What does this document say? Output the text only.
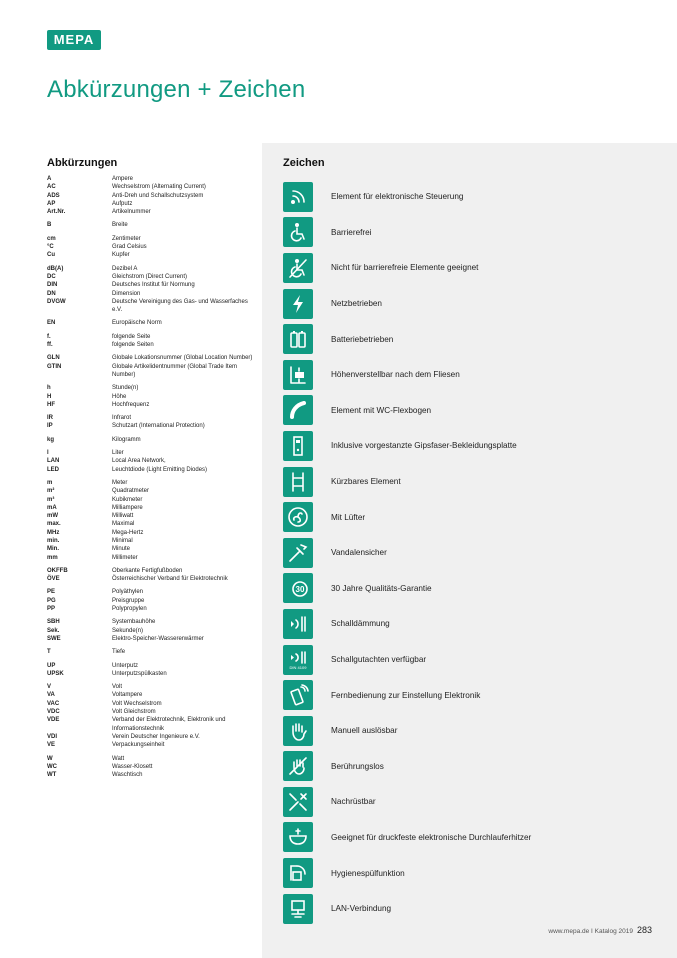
MEPA
Abkürzungen + Zeichen
Abkürzungen
A	Ampere
AC	Wechselstrom (Alternating Current)
ADS	Anti-Dreh und Schallschutzsystem
AP	Aufputz
Art.Nr.	Artikelnummer
B	Breite
cm	Zentimeter
°C	Grad Celsius
Cu	Kupfer
dB(A)	Dezibel A
DC	Gleichstrom (Direct Current)
DIN	Deutsches Institut für Normung
DN	Dimension
DVGW	Deutsche Vereinigung des Gas- und Wasserfaches e.V.
EN	Europäische Norm
f.	folgende Seite
ff.	folgende Seiten
GLN	Globale Lokationsnummer (Global Location Number)
GTIN	Globale Artikelidentnummer (Global Trade Item Number)
h	Stunde(n)
H	Höhe
HF	Hochfrequenz
IR	Infrarot
IP	Schutzart (International Protection)
kg	Kilogramm
l	Liter
LAN	Local Area Network,
LED	Leuchtdiode (Light Emitting Diodes)
m	Meter
m²	Quadratmeter
m³	Kubikmeter
mA	Milliampere
mW	Milliwatt
max.	Maximal
MHz	Mega-Hertz
min.	Minimal
Min.	Minute
mm	Millimeter
OKFFB	Oberkante Fertigfußboden
ÖVE	Österreichischer Verband für Elektrotechnik
PE	Polyäthylen
PG	Preisgruppe
PP	Polypropylen
SBH	Systembauhöhe
Sek.	Sekunde(n)
SWE	Elektro-Speicher-Wassererwärmer
T	Tiefe
UP	Unterputz
UPSK	Unterputzspülkasten
V	Volt
VA	Voltampere
VAC	Volt Wechselstrom
VDC	Volt Gleichstrom
VDE	Verband der Elektrotechnik, Elektronik und Informationstechnik
VDI	Verein Deutscher Ingenieure e.V.
VE	Verpackungseinheit
W	Watt
WC	Wasser-Klosett
WT	Waschtisch
Zeichen
Element für elektronische Steuerung
Barrierefrei
Nicht für barrierefreie Elemente geeignet
Netzbetrieben
Batteriebetrieben
Höhenverstellbar nach dem Fliesen
Element mit WC-Flexbogen
Inklusive vorgestanzte Gipsfaser-Bekleidungsplatte
Kürzbares Element
Mit Lüfter
Vandalensicher
30	30 Jahre Qualitäts-Garantie
Schalldämmung
DIN 4109
Schallgutachten verfügbar
Fernbedienung zur Einstellung Elektronik
Manuell auslösbar
Berührungslos
Nachrüstbar
Geeignet für druckfeste elektronische Durchlauferhitzer
Hygienespülfunktion
LAN-Verbindung
www.mepa.de I Katalog 2019 283
